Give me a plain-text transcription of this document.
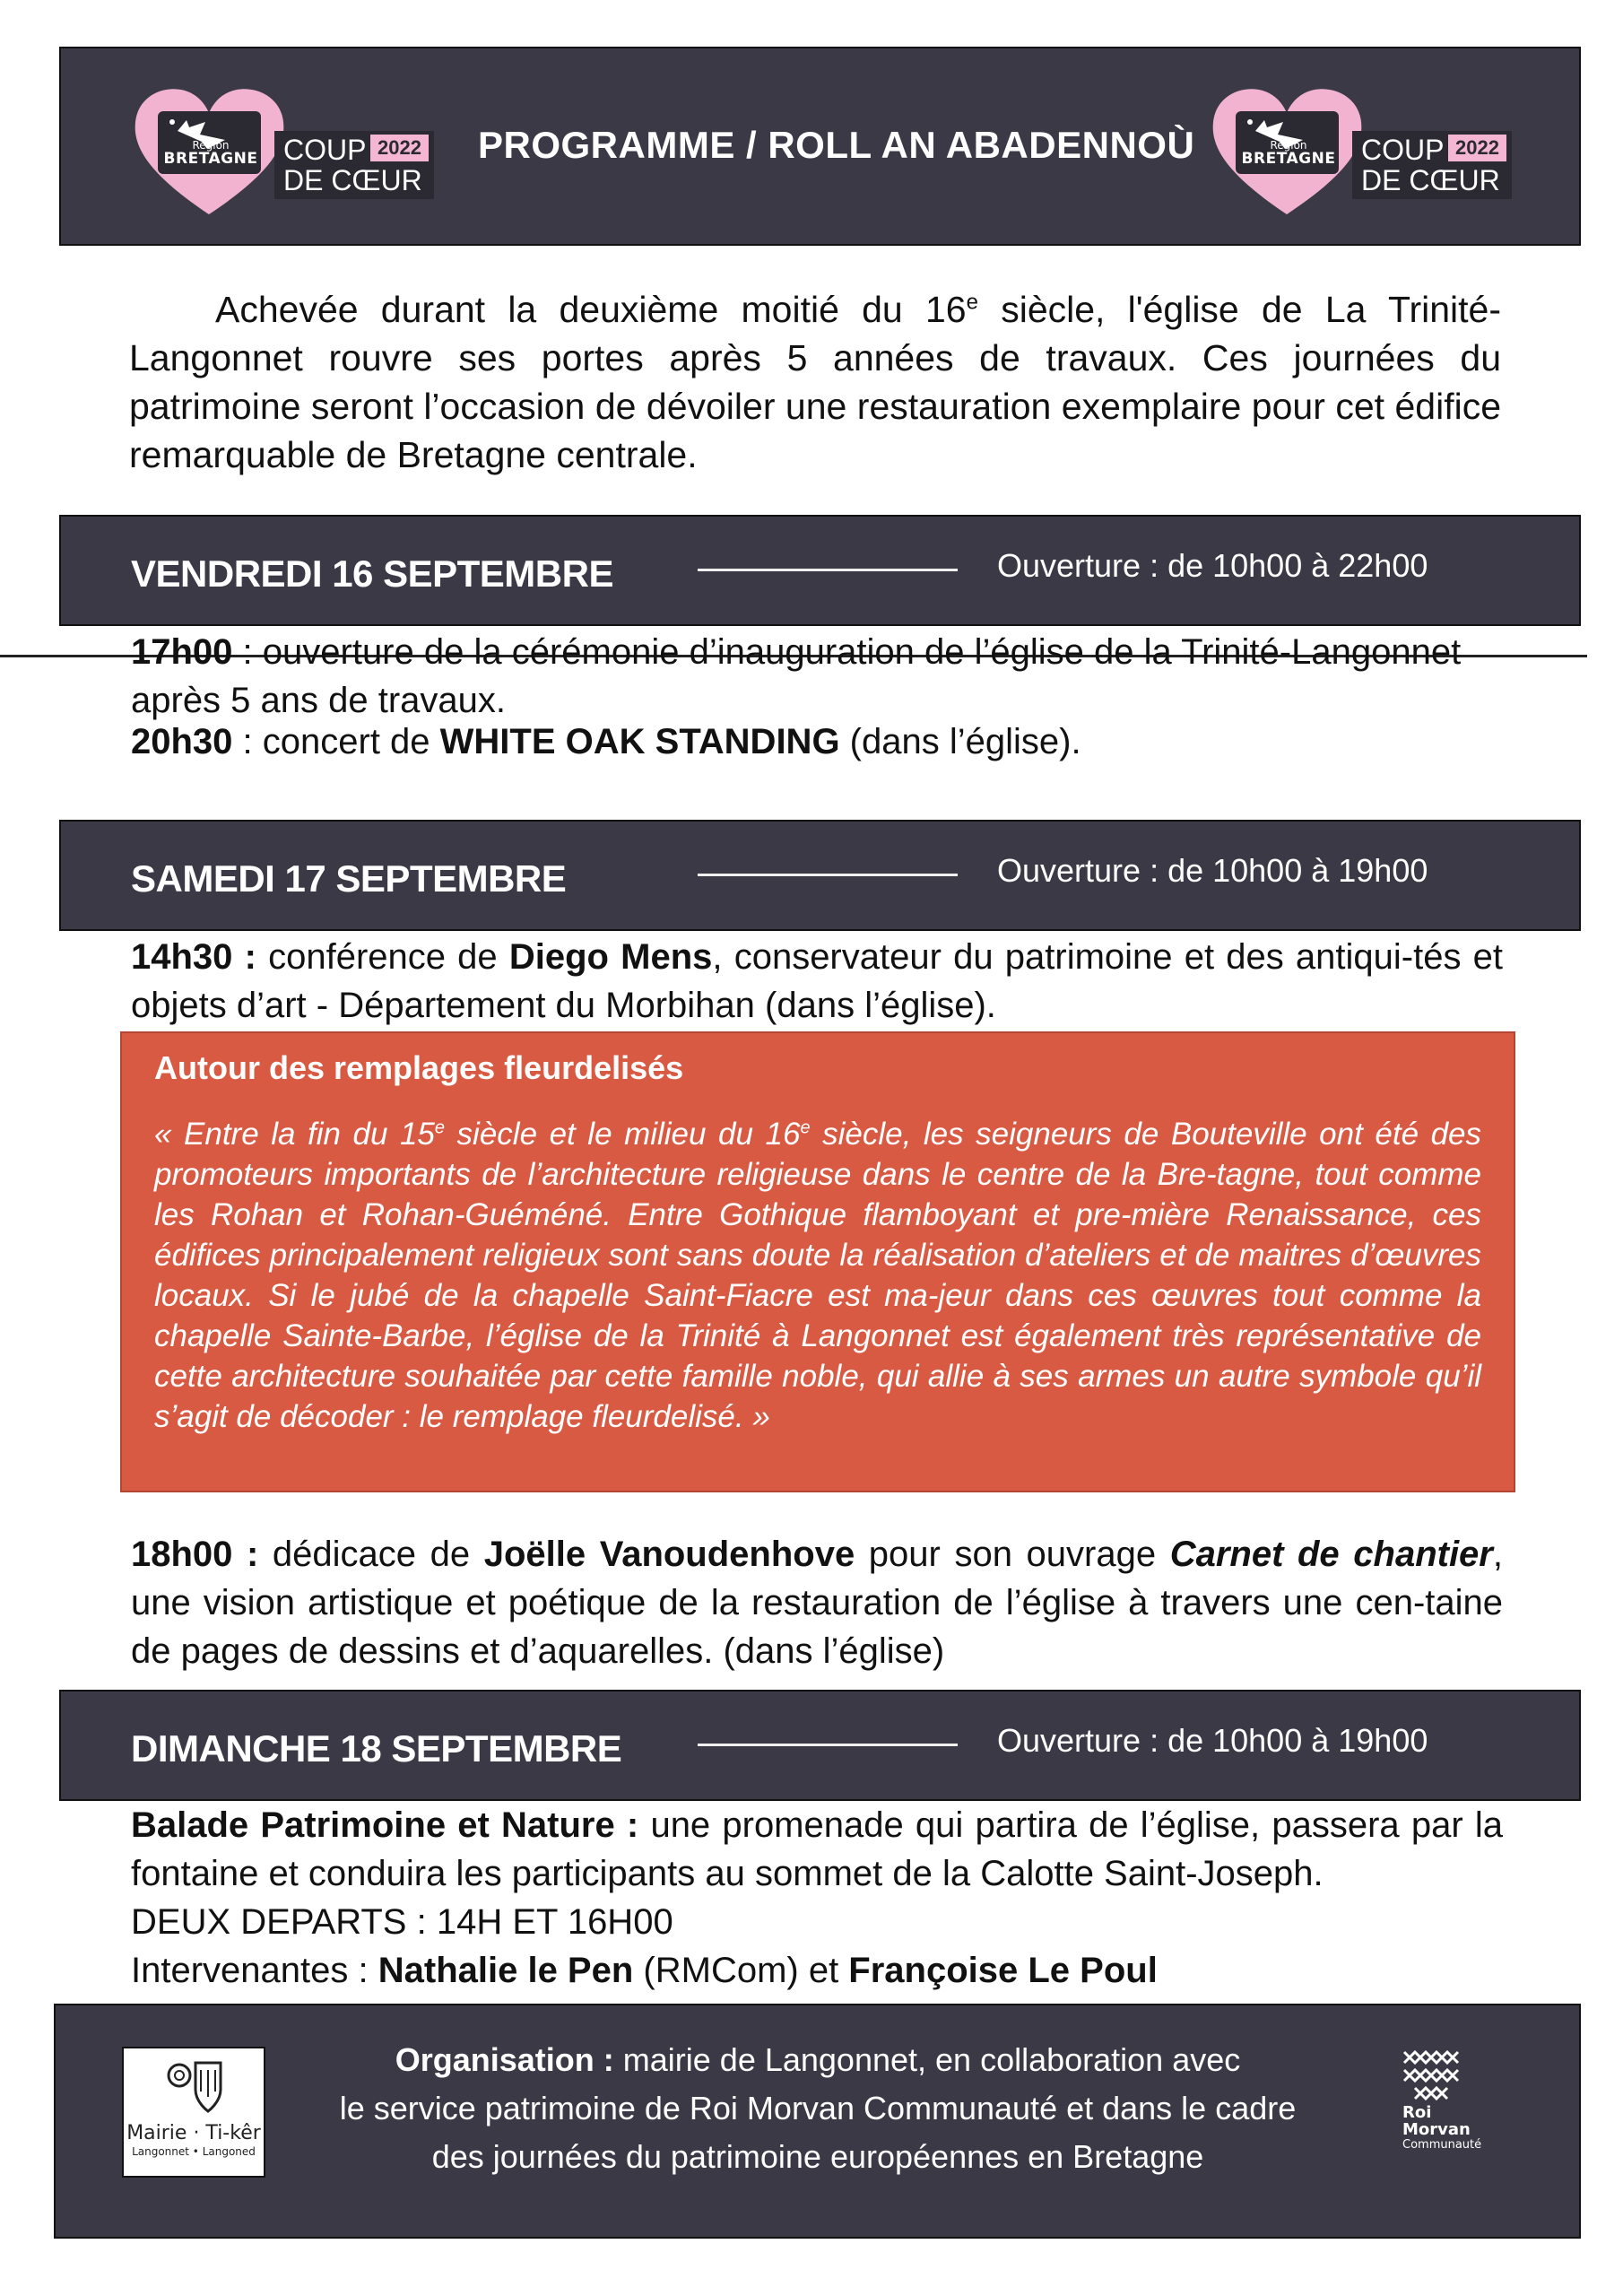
Région
BRETAGNE COUP
DE CŒUR
2022 PROGRAMME / ROLL AN ABADENNOÙ	Région
BRETAGNE COUP
DE CŒUR
2022
Achevée durant la deuxième moitié du 16e siècle, l'église de La Trinité-Langonnet rouvre ses portes après 5 années de travaux. Ces journées du patrimoine seront l’occasion de dévoiler une restauration exemplaire pour cet édifice remarquable de Bretagne centrale.
VENDREDI 16 SEPTEMBRE	Ouverture : de 10h00 à 22h00
17h00 : ouverture de la cérémonie d’inauguration de l’église de la Trinité-Langonnet après 5 ans de travaux.
20h30 : concert de WHITE OAK STANDING (dans l’église).
SAMEDI 17 SEPTEMBRE	Ouverture : de 10h00 à 19h00
14h30 : conférence de Diego Mens, conservateur du patrimoine et des antiqui-tés et objets d’art - Département du Morbihan (dans l’église).
Autour des remplages fleurdelisés
« Entre la fin du 15e siècle et le milieu du 16e siècle, les seigneurs de Bouteville ont été des promoteurs importants de l’architecture religieuse dans le centre de la Bre-tagne, tout comme les Rohan et Rohan-Guéméné. Entre Gothique flamboyant et pre-mière Renaissance, ces édifices principalement religieux sont sans doute la réalisation d’ateliers et de maitres d’œuvres locaux. Si le jubé de la chapelle Saint-Fiacre est ma-jeur dans ces œuvres tout comme la chapelle Sainte-Barbe, l’église de la Trinité à Langonnet est également très représentative de cette architecture souhaitée par cette famille noble, qui allie à ses armes un autre symbole qu’il s’agit de décoder : le remplage fleurdelisé. »
18h00 : dédicace de Joëlle Vanoudenhove pour son ouvrage Carnet de chantier, une vision artistique et poétique de la restauration de l’église à travers une cen-taine de pages de dessins et d’aquarelles. (dans l’église)
DIMANCHE 18 SEPTEMBRE	Ouverture : de 10h00 à 19h00
Balade Patrimoine et Nature : une promenade qui partira de l’église, passera par la fontaine et conduira les participants au sommet de la Calotte Saint-Joseph.
DEUX DEPARTS : 14H ET 16H00
Intervenantes : Nathalie le Pen (RMCom) et Françoise Le Poul
Mairie · Ti-kêr
Langonnet • Langoned
Organisation : mairie de Langonnet, en collaboration avec
le service patrimoine de Roi Morvan Communauté et dans le cadre
des journées du patrimoine européennes en Bretagne
Roi
Morvan
Communauté
